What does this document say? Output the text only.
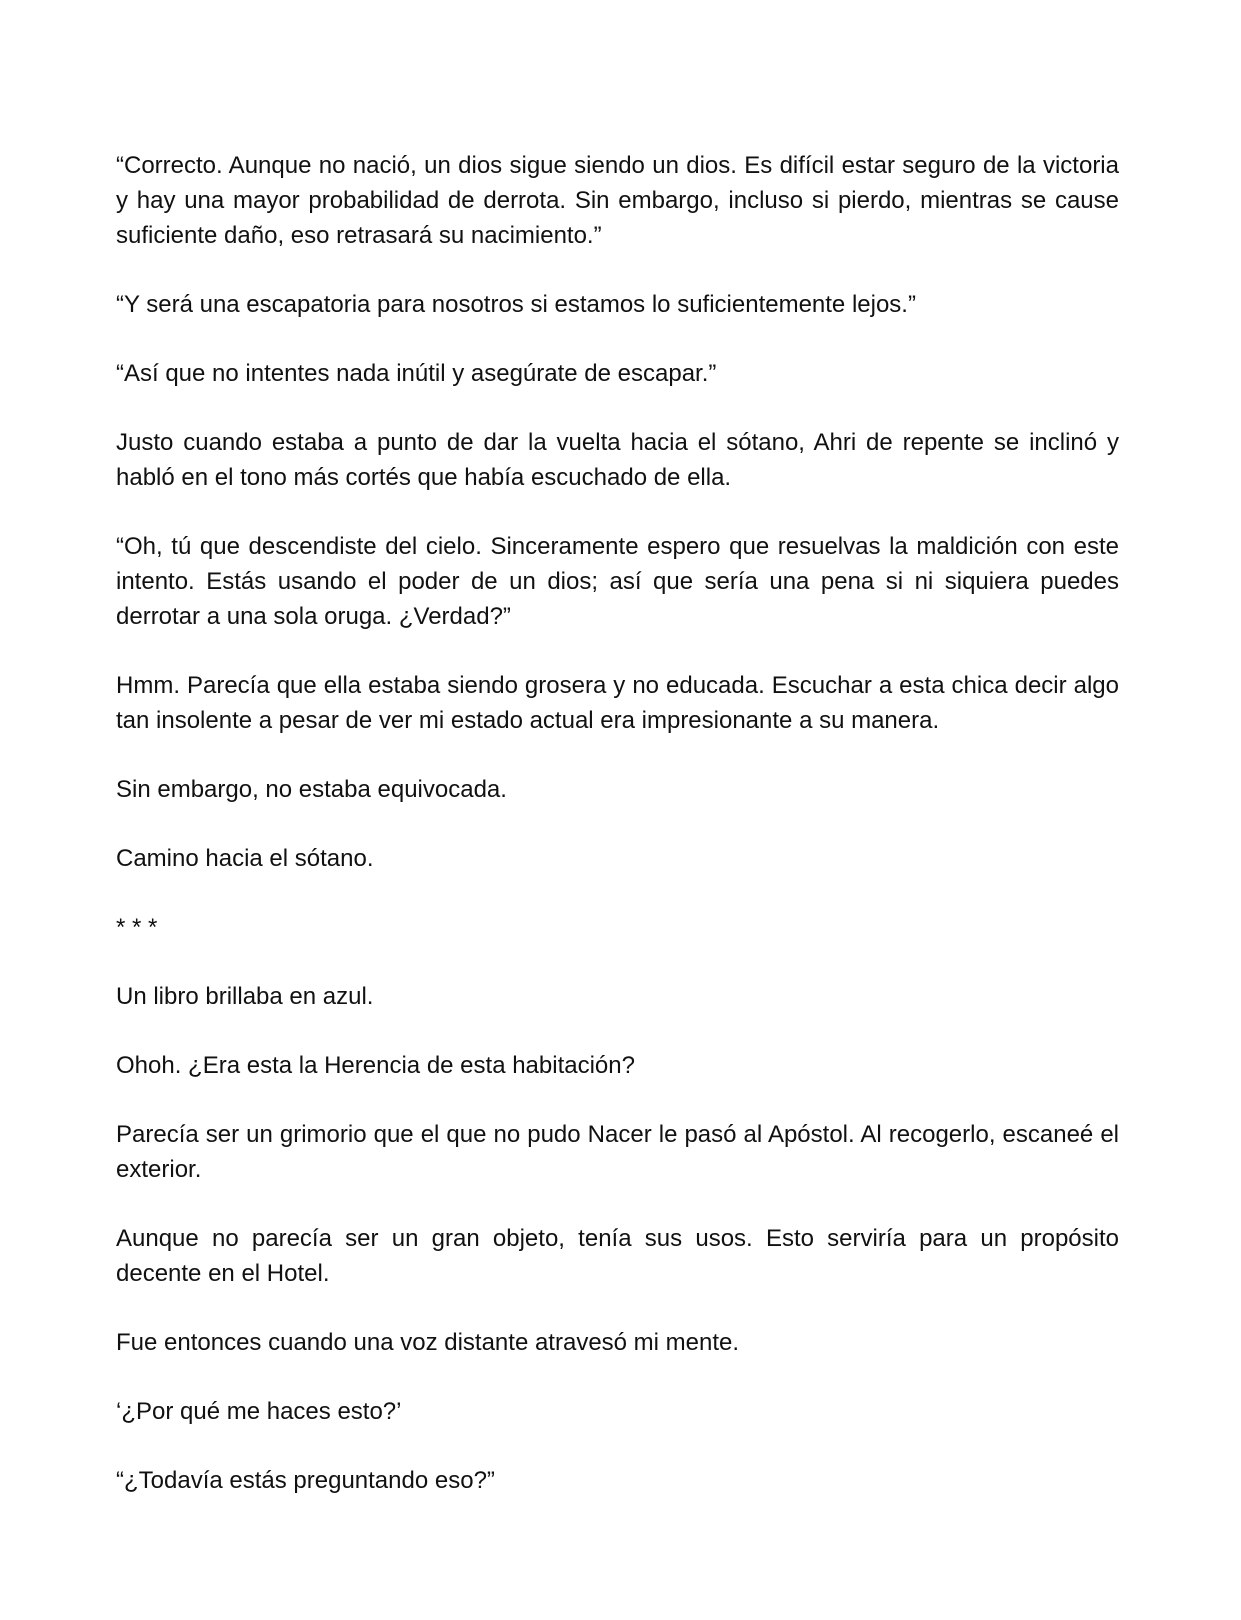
“Correcto. Aunque no nació, un dios sigue siendo un dios. Es difícil estar seguro de la victoria y hay una mayor probabilidad de derrota. Sin embargo, incluso si pierdo, mientras se cause suficiente daño, eso retrasará su nacimiento.”

“Y será una escapatoria para nosotros si estamos lo suficientemente lejos.”

“Así que no intentes nada inútil y asegúrate de escapar.”

Justo cuando estaba a punto de dar la vuelta hacia el sótano, Ahri de repente se inclinó y habló en el tono más cortés que había escuchado de ella.

“Oh, tú que descendiste del cielo. Sinceramente espero que resuelvas la maldición con este intento. Estás usando el poder de un dios; así que sería una pena si ni siquiera puedes derrotar a una sola oruga. ¿Verdad?”

Hmm. Parecía que ella estaba siendo grosera y no educada. Escuchar a esta chica decir algo tan insolente a pesar de ver mi estado actual era impresionante a su manera.

Sin embargo, no estaba equivocada.

Camino hacia el sótano.

* * *

Un libro brillaba en azul.

Ohoh. ¿Era esta la Herencia de esta habitación?

Parecía ser un grimorio que el que no pudo Nacer le pasó al Apóstol. Al recogerlo, escaneé el exterior.

Aunque no parecía ser un gran objeto, tenía sus usos. Esto serviría para un propósito decente en el Hotel.

Fue entonces cuando una voz distante atravesó mi mente.

‘¿Por qué me haces esto?’

“¿Todavía estás preguntando eso?”
